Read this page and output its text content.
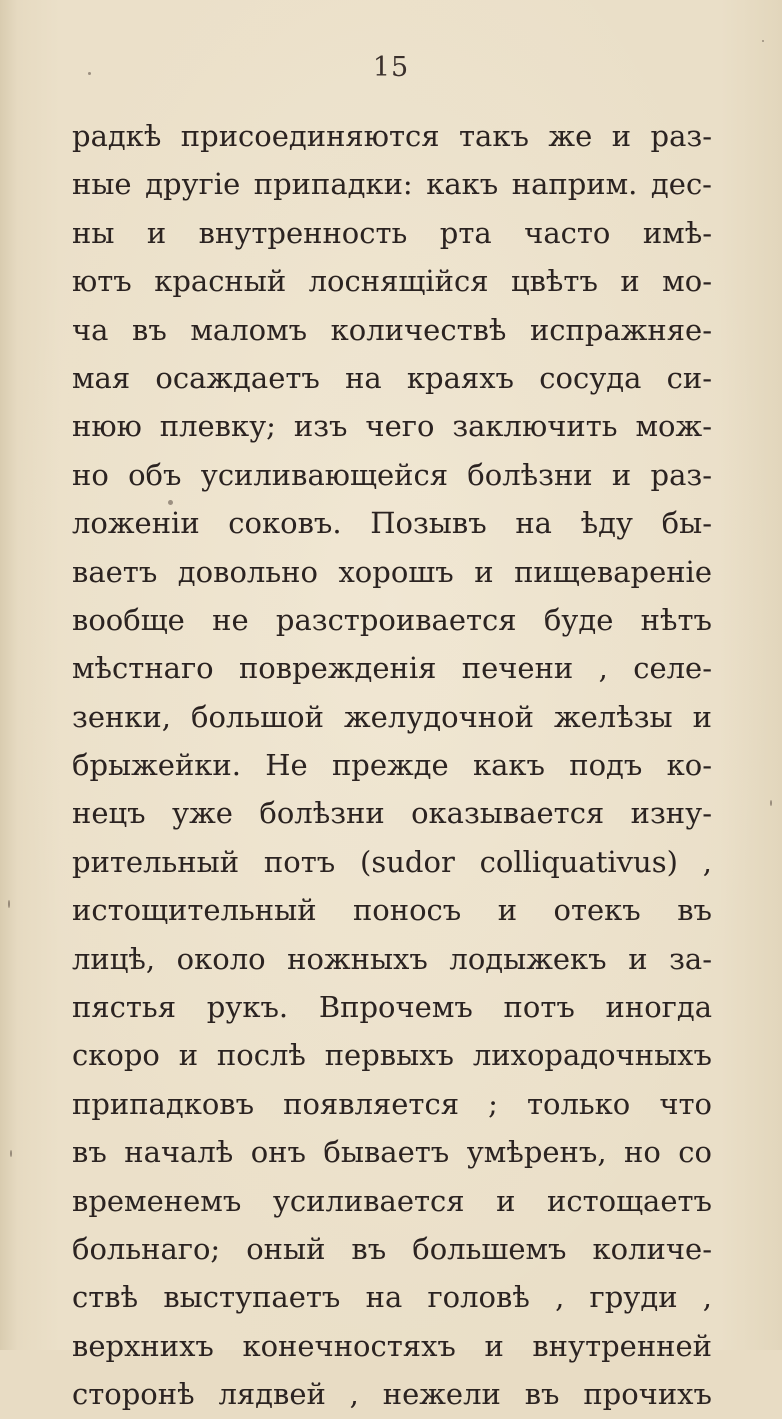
15
радкѣ присоединяются такъ же и раз-
ные другіе припадки: какъ наприм. дес-
ны и внутренность рта часто имѣ-
ютъ красный лоснящійся цвѣтъ и мо-
ча въ маломъ количествѣ испражняе-
мая осаждаетъ на краяхъ сосуда си-
нюю плевку; изъ чего заключить мож-
но объ усиливающейся болѣзни и раз-
ложеніи соковъ. Позывъ на ѣду бы-
ваетъ довольно хорошъ и пищевареніе
вообще не разстроивается буде нѣтъ
мѣстнаго поврежденія печени , селе-
зенки, большой желудочной желѣзы и
брыжейки. Не прежде какъ подъ ко-
нецъ уже болѣзни оказывается изну-
рительный потъ (sudor colliquativus) ,
истощительный поносъ и отекъ въ
лицѣ, около ножныхъ лодыжекъ и за-
пястья рукъ. Впрочемъ потъ иногда
скоро и послѣ первыхъ лихорадочныхъ
припадковъ появляется ; только что
въ началѣ онъ бываетъ умѣренъ, но со
временемъ усиливается и истощаетъ
больнаго; оный въ большемъ количе-
ствѣ выступаетъ на головѣ , груди ,
верхнихъ конечностяхъ и внутренней
сторонѣ лядвей , нежели въ прочихъ
